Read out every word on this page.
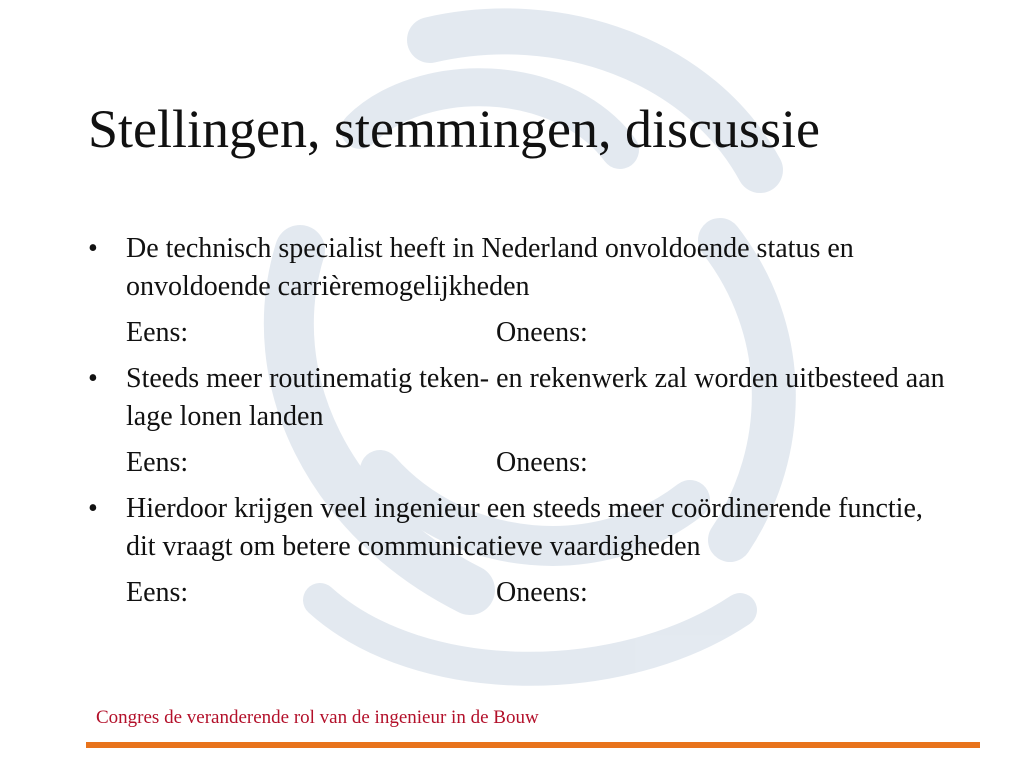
Stellingen, stemmingen, discussie
• De technisch specialist heeft in Nederland onvoldoende status en onvoldoende carrièremogelijkheden
Eens:	Oneens:
• Steeds meer routinematig teken- en rekenwerk zal worden uitbesteed aan lage lonen landen
Eens:	Oneens:
• Hierdoor krijgen veel ingenieur een steeds meer coördinerende functie, dit vraagt om betere communicatieve vaardigheden
Eens:	Oneens:
Congres de veranderende rol van de ingenieur in de Bouw
